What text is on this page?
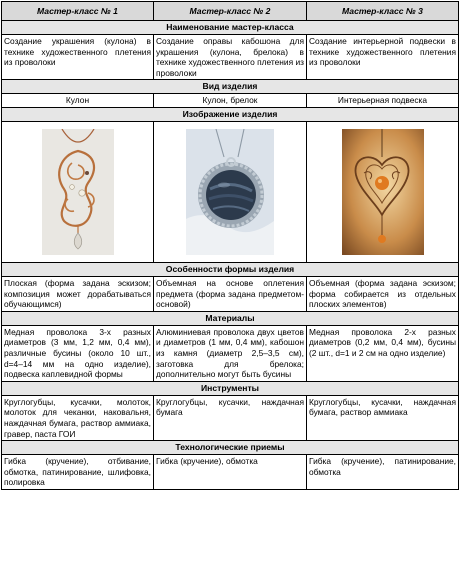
Мастер-класс № 1	Мастер-класс № 2	Мастер-класс № 3
Наименование мастер-класса		
Создание украшения (кулона) в технике художественного плетения из проволоки	Создание оправы кабошона для украшения (кулона, брелока) в технике художественного плетения из проволоки	Создание интерьерной подвески в технике художественного плетения из проволоки
Вид изделия		
Кулон	Кулон, брелок	Интерьерная подвеска
Изображение изделия		

Особенности формы изделия		
Плоская (форма задана эскизом; композиция может дорабатываться обучающимся)	Объемная на основе оплетения предмета (форма задана предметом-основой)	Объемная (форма задана эскизом; форма собирается из отдельных плоских элементов)
Материалы		
Медная проволока 3-х разных диаметров (3 мм, 1,2 мм, 0,4 мм), различные бусины (около 10 шт., d=4–14 мм на одно изделие), подвеска каплевидной формы	Алюминиевая проволока двух цветов и диаметров (1 мм, 0,4 мм), кабошон из камня (диаметр 2,5–3,5 см), заготовка для брелока; дополнительно могут быть бусины	Медная проволока 2-х разных диаметров (0,2 мм, 0,4 мм), бусины (2 шт., d=1 и 2 см на одно изделие)
Инструменты		
Круглогубцы, кусачки, молоток, молоток для чеканки, наковальня, наждачная бумага, раствор аммиака, гравер, паста ГОИ	Круглогубцы, кусачки, наждачная бумага	Круглогубцы, кусачки, наждачная бумага, раствор аммиака
Технологические приемы		
Гибка (кручение), отбивание, обмотка, патинирование, шлифовка, полировка	Гибка (кручение), обмотка	Гибка (кручение), патинирование, обмотка
